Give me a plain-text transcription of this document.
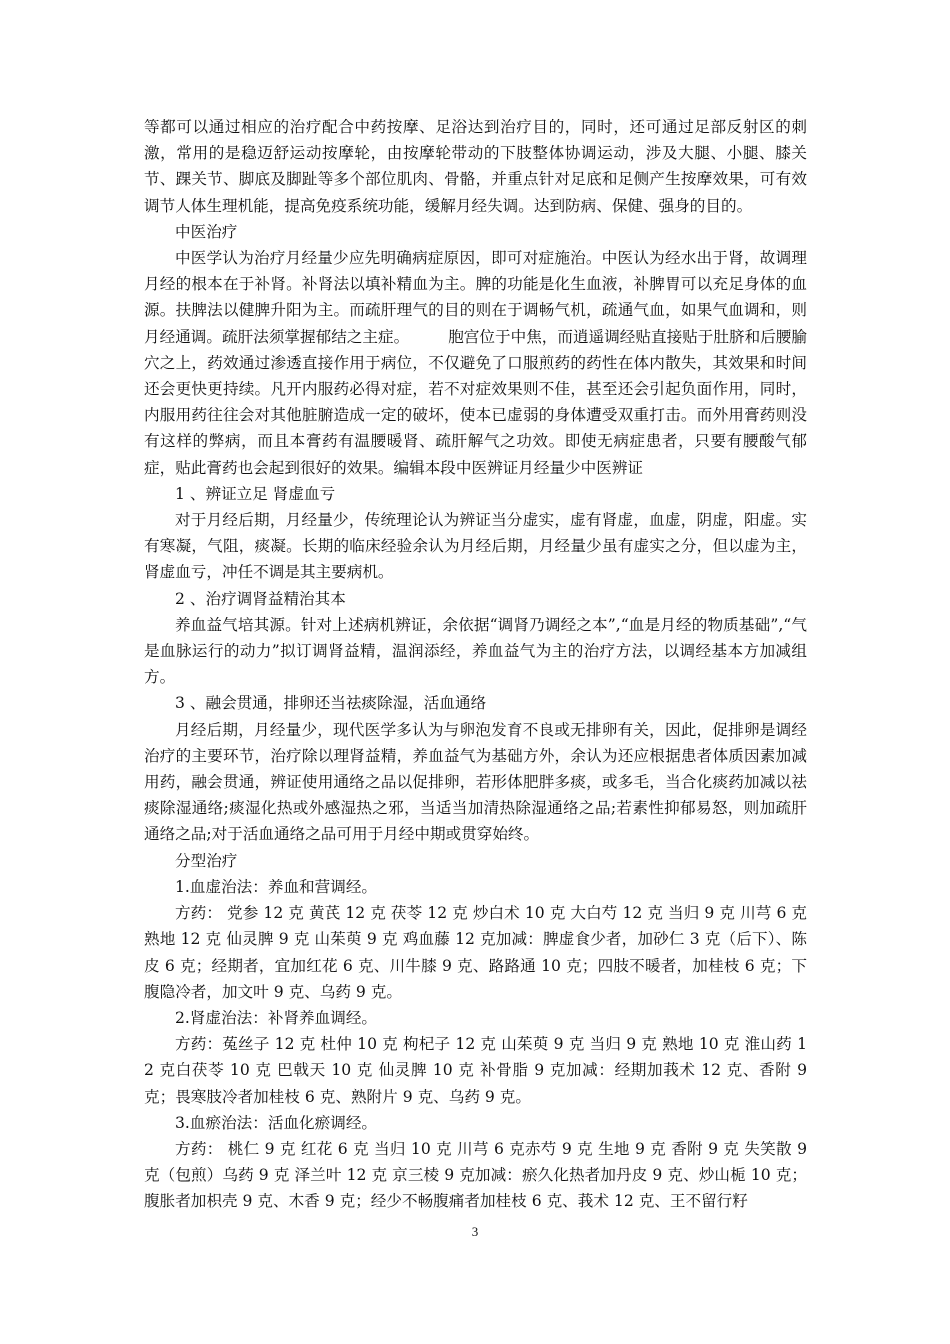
等都可以通过相应的治疗配合中药按摩、足浴达到治疗目的，同时，还可通过足部反射区的刺激，常用的是稳迈舒运动按摩轮，由按摩轮带动的下肢整体协调运动，涉及大腿、小腿、膝关节、踝关节、脚底及脚趾等多个部位肌肉、骨骼，并重点针对足底和足侧产生按摩效果，可有效调节人体生理机能，提高免疫系统功能，缓解月经失调。达到防病、保健、强身的目的。

中医治疗

中医学认为治疗月经量少应先明确病症原因，即可对症施治。中医认为经水出于肾，故调理月经的根本在于补肾。补肾法以填补精血为主。脾的功能是化生血液，补脾胃可以充足身体的血源。扶脾法以健脾升阳为主。而疏肝理气的目的则在于调畅气机，疏通气血，如果气血调和，则月经通调。疏肝法须掌握郁结之主症。　　　胞宫位于中焦，而逍遥调经贴直接贴于肚脐和后腰腧穴之上，药效通过渗透直接作用于病位，不仅避免了口服煎药的药性在体内散失，其效果和时间还会更快更持续。凡开内服药必得对症，若不对症效果则不佳，甚至还会引起负面作用，同时，内服用药往往会对其他脏腑造成一定的破坏，使本已虚弱的身体遭受双重打击。而外用膏药则没有这样的弊病，而且本膏药有温腰暖肾、疏肝解气之功效。即使无病症患者，只要有腰酸气郁症，贴此膏药也会起到很好的效果。编辑本段中医辨证月经量少中医辨证

1 、辨证立足 肾虚血亏

对于月经后期，月经量少，传统理论认为辨证当分虚实，虚有肾虚，血虚，阴虚，阳虚。实有寒凝，气阻，痰凝。长期的临床经验余认为月经后期，月经量少虽有虚实之分，但以虚为主，肾虚血亏，冲任不调是其主要病机。

2 、治疗调肾益精治其本

养血益气培其源。针对上述病机辨证，余依据“调肾乃调经之本”,“血是月经的物质基础”,“气是血脉运行的动力”拟订调肾益精，温润添经，养血益气为主的治疗方法，以调经基本方加减组方。

3 、融会贯通，排卵还当祛痰除湿，活血通络

月经后期，月经量少，现代医学多认为与卵泡发育不良或无排卵有关，因此，促排卵是调经治疗的主要环节，治疗除以理肾益精，养血益气为基础方外，余认为还应根据患者体质因素加减用药，融会贯通，辨证使用通络之品以促排卵，若形体肥胖多痰，或多毛，当合化痰药加减以祛痰除湿通络;痰湿化热或外感湿热之邪，当适当加清热除湿通络之品;若素性抑郁易怒，则加疏肝通络之品;对于活血通络之品可用于月经中期或贯穿始终。

分型治疗

1.血虚治法：养血和营调经。

方药： 党参 12 克 黄芪 12 克 茯苓 12 克 炒白术 10 克 大白芍 12 克 当归 9 克 川芎 6 克 熟地 12 克 仙灵脾 9 克 山茱萸 9 克 鸡血藤 12 克加减：脾虚食少者，加砂仁 3 克（后下）、陈皮 6 克；经期者，宜加红花 6 克、川牛膝 9 克、路路通 10 克；四肢不暖者，加桂枝 6 克；下腹隐冷者，加文叶 9 克、乌药 9 克。

2.肾虚治法：补肾养血调经。

方药：菟丝子 12 克 杜仲 10 克 枸杞子 12 克 山茱萸 9 克 当归 9 克 熟地 10 克 淮山药 12 克白茯苓 10 克 巴戟天 10 克 仙灵脾 10 克 补骨脂 9 克加减：经期加莪术 12 克、香附 9 克；畏寒肢冷者加桂枝 6 克、熟附片 9 克、乌药 9 克。

3.血瘀治法：活血化瘀调经。

方药： 桃仁 9 克 红花 6 克 当归 10 克 川芎 6 克赤芍 9 克 生地 9 克 香附 9 克 失笑散 9 克（包煎）乌药 9 克 泽兰叶 12 克 京三棱 9 克加减：瘀久化热者加丹皮 9 克、炒山栀 10 克；腹胀者加枳壳 9 克、木香 9 克；经少不畅腹痛者加桂枝 6 克、莪术 12 克、王不留行籽

3
